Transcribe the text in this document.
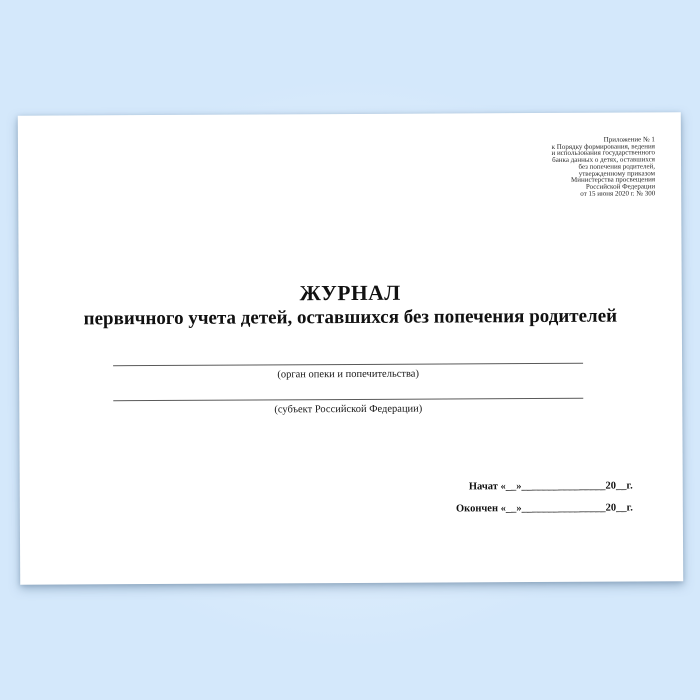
Приложение № 1
к Порядку формирования, ведения
и использования государственного
банка данных о детях, оставшихся
без попечения родителей,
утвержденному приказом
Министерства просвещения
Российской Федерации
от 15 июня 2020 г. № 300
ЖУРНАЛ
первичного учета детей, оставшихся без попечения родителей
(орган опеки и попечительства)
(субъект Российской Федерации)
Начат «__»________________20__г.
Окончен «__»________________20__г.
